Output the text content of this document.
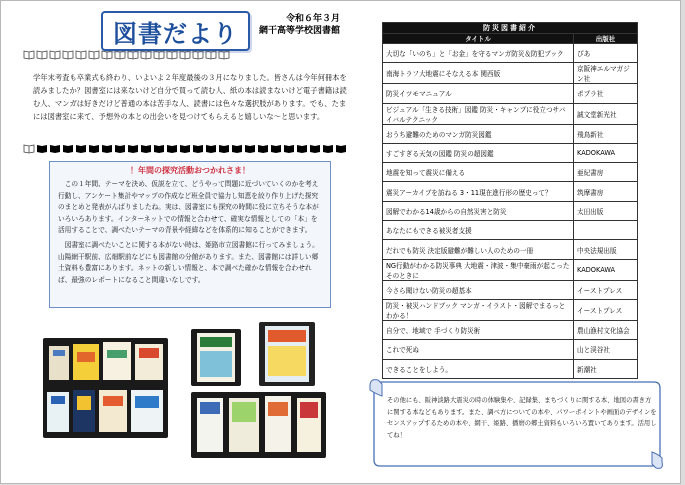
図書だより
令和６年３月
網干高等学校図書館
学年末考査も卒業式も終わり、いよいよ２年度最後の３月になりました。皆さんは今年何冊本を読みましたか？図書室には来ないけど自分で買って読む人、紙の本は読まないけど電子書籍は読む人、マンガは好きだけど普通の本は苦手な人、読書には色々な選択肢があります。でも、たまには図書室に来て、予想外の本との出会いを見つけてもらえると嬉しいな〜と思います。
！年間の探究活動おつかれさま！

この１年間、テーマを決め、仮説を立て、どうやって問題に近づいていくのかを考え行動し、アンケート集計やマップの作成など班全員で協力し知恵を絞り作り上げた探究のまとめと発表がんばりましたね。実は、図書室にも探究の時間に役に立ちそうな本がいろいろあります。インターネットでの情報と合わせて、確実な情報としての「本」を活用することで、調べたいテーマの背景や経緯などを体系的に知ることができます。

図書室に調べたいことに関する本がない時は、姫路市立図書館に行ってみましょう。山陽網干駅前、広畑駅前などにも図書館の分館があります。また、図書館には詳しい郷土資料も豊富にあります。ネットの新しい情報と、本で調べた確かな情報を合わせれば、最強のレポートになること間違いなしです。

防災図書紹介	
タイトル	出版社
大切な「いのち」と「お金」を守るマンガ防災＆防犯ブック	ぴあ
南海トラフ大地震にそなえる本 関西版	京阪神エルマガジン社
防災イツモマニュアル	ポプラ社
ビジュアル「生きる技術」図鑑 防災・キャンプに役立つサバイバルテクニック	誠文堂新光社
おうち避難のためのマンガ防災図鑑	飛鳥新社
すごすぎる天気の図鑑 防災の超図鑑	KADOKAWA
地震を知って震災に備える	亜紀書房
震災アーカイブを訪ねる 3・11現在進行形の歴史って？	筑摩書房
図解でわかる14歳からの自然災害と防災	太田出版
あなたにもできる被災者支援	
だれでも防災 決定版避難が難しい人のための一冊	中央法規出版
NG行動がわかる防災事典 大地震・津波・集中豪雨が起こったそのときに	KADOKAWA
今さら聞けない防災の超基本	イーストプレス
防災・被災ハンドブック マンガ・イラスト・図解でまるっとわかる！	イーストプレス
自分で、地域で 手づくり防災術	農山漁村文化協会
これで死ぬ	山と渓谷社
できることをしよう。	新潮社
その他にも、阪神淡路大震災の時の体験集や、記録集、まちづくりに関する本、地図の書き方に関する本などもあります。また、調べ方についての本や、パワーポイントや画面のデザインをセンスアップするための本や、網干、姫路、播磨の郷土資料もいろいろ置いてあります。活用してね！
